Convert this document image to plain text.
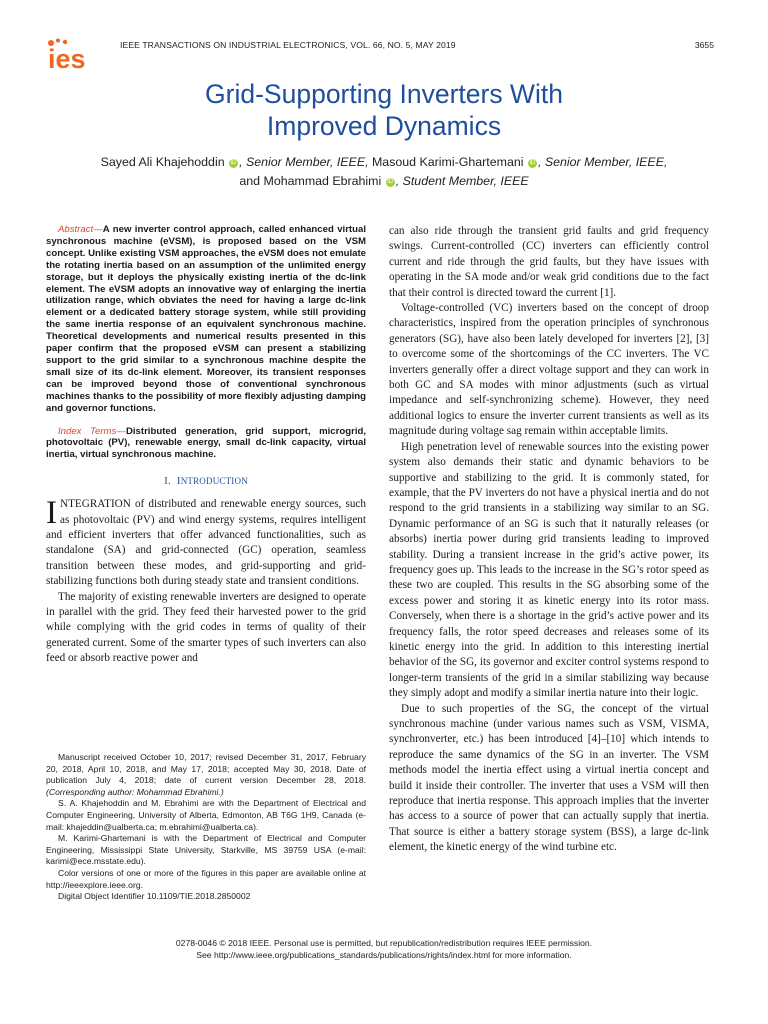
ies	IEEE TRANSACTIONS ON INDUSTRIAL ELECTRONICS, VOL. 66, NO. 5, MAY 2019	3655
Grid-Supporting Inverters With
Improved Dynamics
Sayed Ali Khajehoddin iD , Senior Member, IEEE, Masoud Karimi-Ghartemani iD , Senior Member, IEEE,
and Mohammad Ebrahimi iD , Student Member, IEEE

Abstract—A new inverter control approach, called enhanced virtual synchronous machine (eVSM), is proposed based on the VSM concept. Unlike existing VSM approaches, the eVSM does not emulate the rotating inertia based on an assumption of the unlimited energy storage, but it deploys the physically existing inertia of the dc-link element. The eVSM adopts an innovative way of enlarging the inertia utilization range, which obviates the need for having a large dc-link element or a dedicated battery storage system, while still providing the same inertia response of an equivalent synchronous machine. Theoretical developments and numerical results presented in this paper confirm that the proposed eVSM can present a stabilizing support to the grid similar to a synchronous machine despite the small size of its dc-link element. Moreover, its transient responses can be improved beyond those of conventional synchronous machines thanks to the possibility of more flexibly adjusting damping and governor functions.

Index Terms—Distributed generation, grid support, microgrid, photovoltaic (PV), renewable energy, small dc-link capacity, virtual inertia, virtual synchronous machine.

I. INTRODUCTION

INTEGRATION of distributed and renewable energy sources, such as photovoltaic (PV) and wind energy systems, requires intelligent and efficient inverters that offer advanced functionalities, such as standalone (SA) and grid-connected (GC) operation, seamless transition between these modes, and grid-supporting and grid-stabilizing functions both during steady state and transient conditions.

The majority of existing renewable inverters are designed to operate in parallel with the grid. They feed their harvested power to the grid while complying with the grid codes in terms of quality of their generated current. Some of the smarter types of such inverters can also feed or absorb reactive power and

Manuscript received October 10, 2017; revised December 31, 2017, February 20, 2018, April 10, 2018, and May 17, 2018; accepted May 30, 2018. Date of publication July 4, 2018; date of current version December 28, 2018. (Corresponding author: Mohammad Ebrahimi.)

S. A. Khajehoddin and M. Ebrahimi are with the Department of Electrical and Computer Engineering, University of Alberta, Edmonton, AB T6G 1H9, Canada (e-mail: khajeddin@ualberta.ca; m.ebrahimi@ualberta.ca).

M. Karimi-Ghartemani is with the Department of Electrical and Computer Engineering, Mississippi State University, Starkville, MS 39759 USA (e-mail: karimi@ece.msstate.edu).

Color versions of one or more of the figures in this paper are available online at http://ieeexplore.ieee.org.

Digital Object Identifier 10.1109/TIE.2018.2850002

can also ride through the transient grid faults and grid frequency swings. Current-controlled (CC) inverters can efficiently control current and ride through the grid faults, but they have issues with operating in the SA mode and/or weak grid conditions due to the fact that their control is directed toward the current [1].

Voltage-controlled (VC) inverters based on the concept of droop characteristics, inspired from the operation principles of synchronous generators (SG), have also been lately developed for inverters [2], [3] to overcome some of the shortcomings of the CC inverters. The VC inverters generally offer a direct voltage support and they can work in both GC and SA modes with minor adjustments (such as virtual impedance and self-synchronizing scheme). However, they need additional logics to ensure the inverter current transients as well as its magnitude during voltage sag remain within acceptable limits.

High penetration level of renewable sources into the existing power system also demands their static and dynamic behaviors to be supportive and stabilizing to the grid. It is commonly stated, for example, that the PV inverters do not have a physical inertia and do not respond to the grid transients in a stabilizing way similar to an SG. Dynamic performance of an SG is such that it naturally releases (or absorbs) inertia power during grid transients leading to improved stability. During a transient increase in the grid’s active power, its frequency goes up. This leads to the increase in the SG’s rotor speed as these two are coupled. This results in the SG absorbing some of the excess power and storing it as kinetic energy into its rotor mass. Conversely, when there is a shortage in the grid’s active power and its frequency falls, the rotor speed decreases and releases some of its kinetic energy into the grid. In addition to this interesting inertial behavior of the SG, its governor and exciter control systems respond to longer-term transients of the grid in a similar stabilizing way because they simply adopt and modify a similar inertia nature into their logic.

Due to such properties of the SG, the concept of the virtual synchronous machine (under various names such as VSM, VISMA, synchronverter, etc.) has been introduced [4]–[10] which intends to reproduce the same dynamics of the SG in an inverter. The VSM methods model the inertia effect using a virtual inertia concept and build it inside their controller. The inverter that uses a VSM will then reproduce that inertia response. This approach implies that the inverter has access to a source of power that can actually supply that inertia. That source is either a battery storage system (BSS), a large dc-link element, the kinetic energy of the wind turbine etc.

0278-0046 © 2018 IEEE. Personal use is permitted, but republication/redistribution requires IEEE permission.
See http://www.ieee.org/publications_standards/publications/rights/index.html for more information.
